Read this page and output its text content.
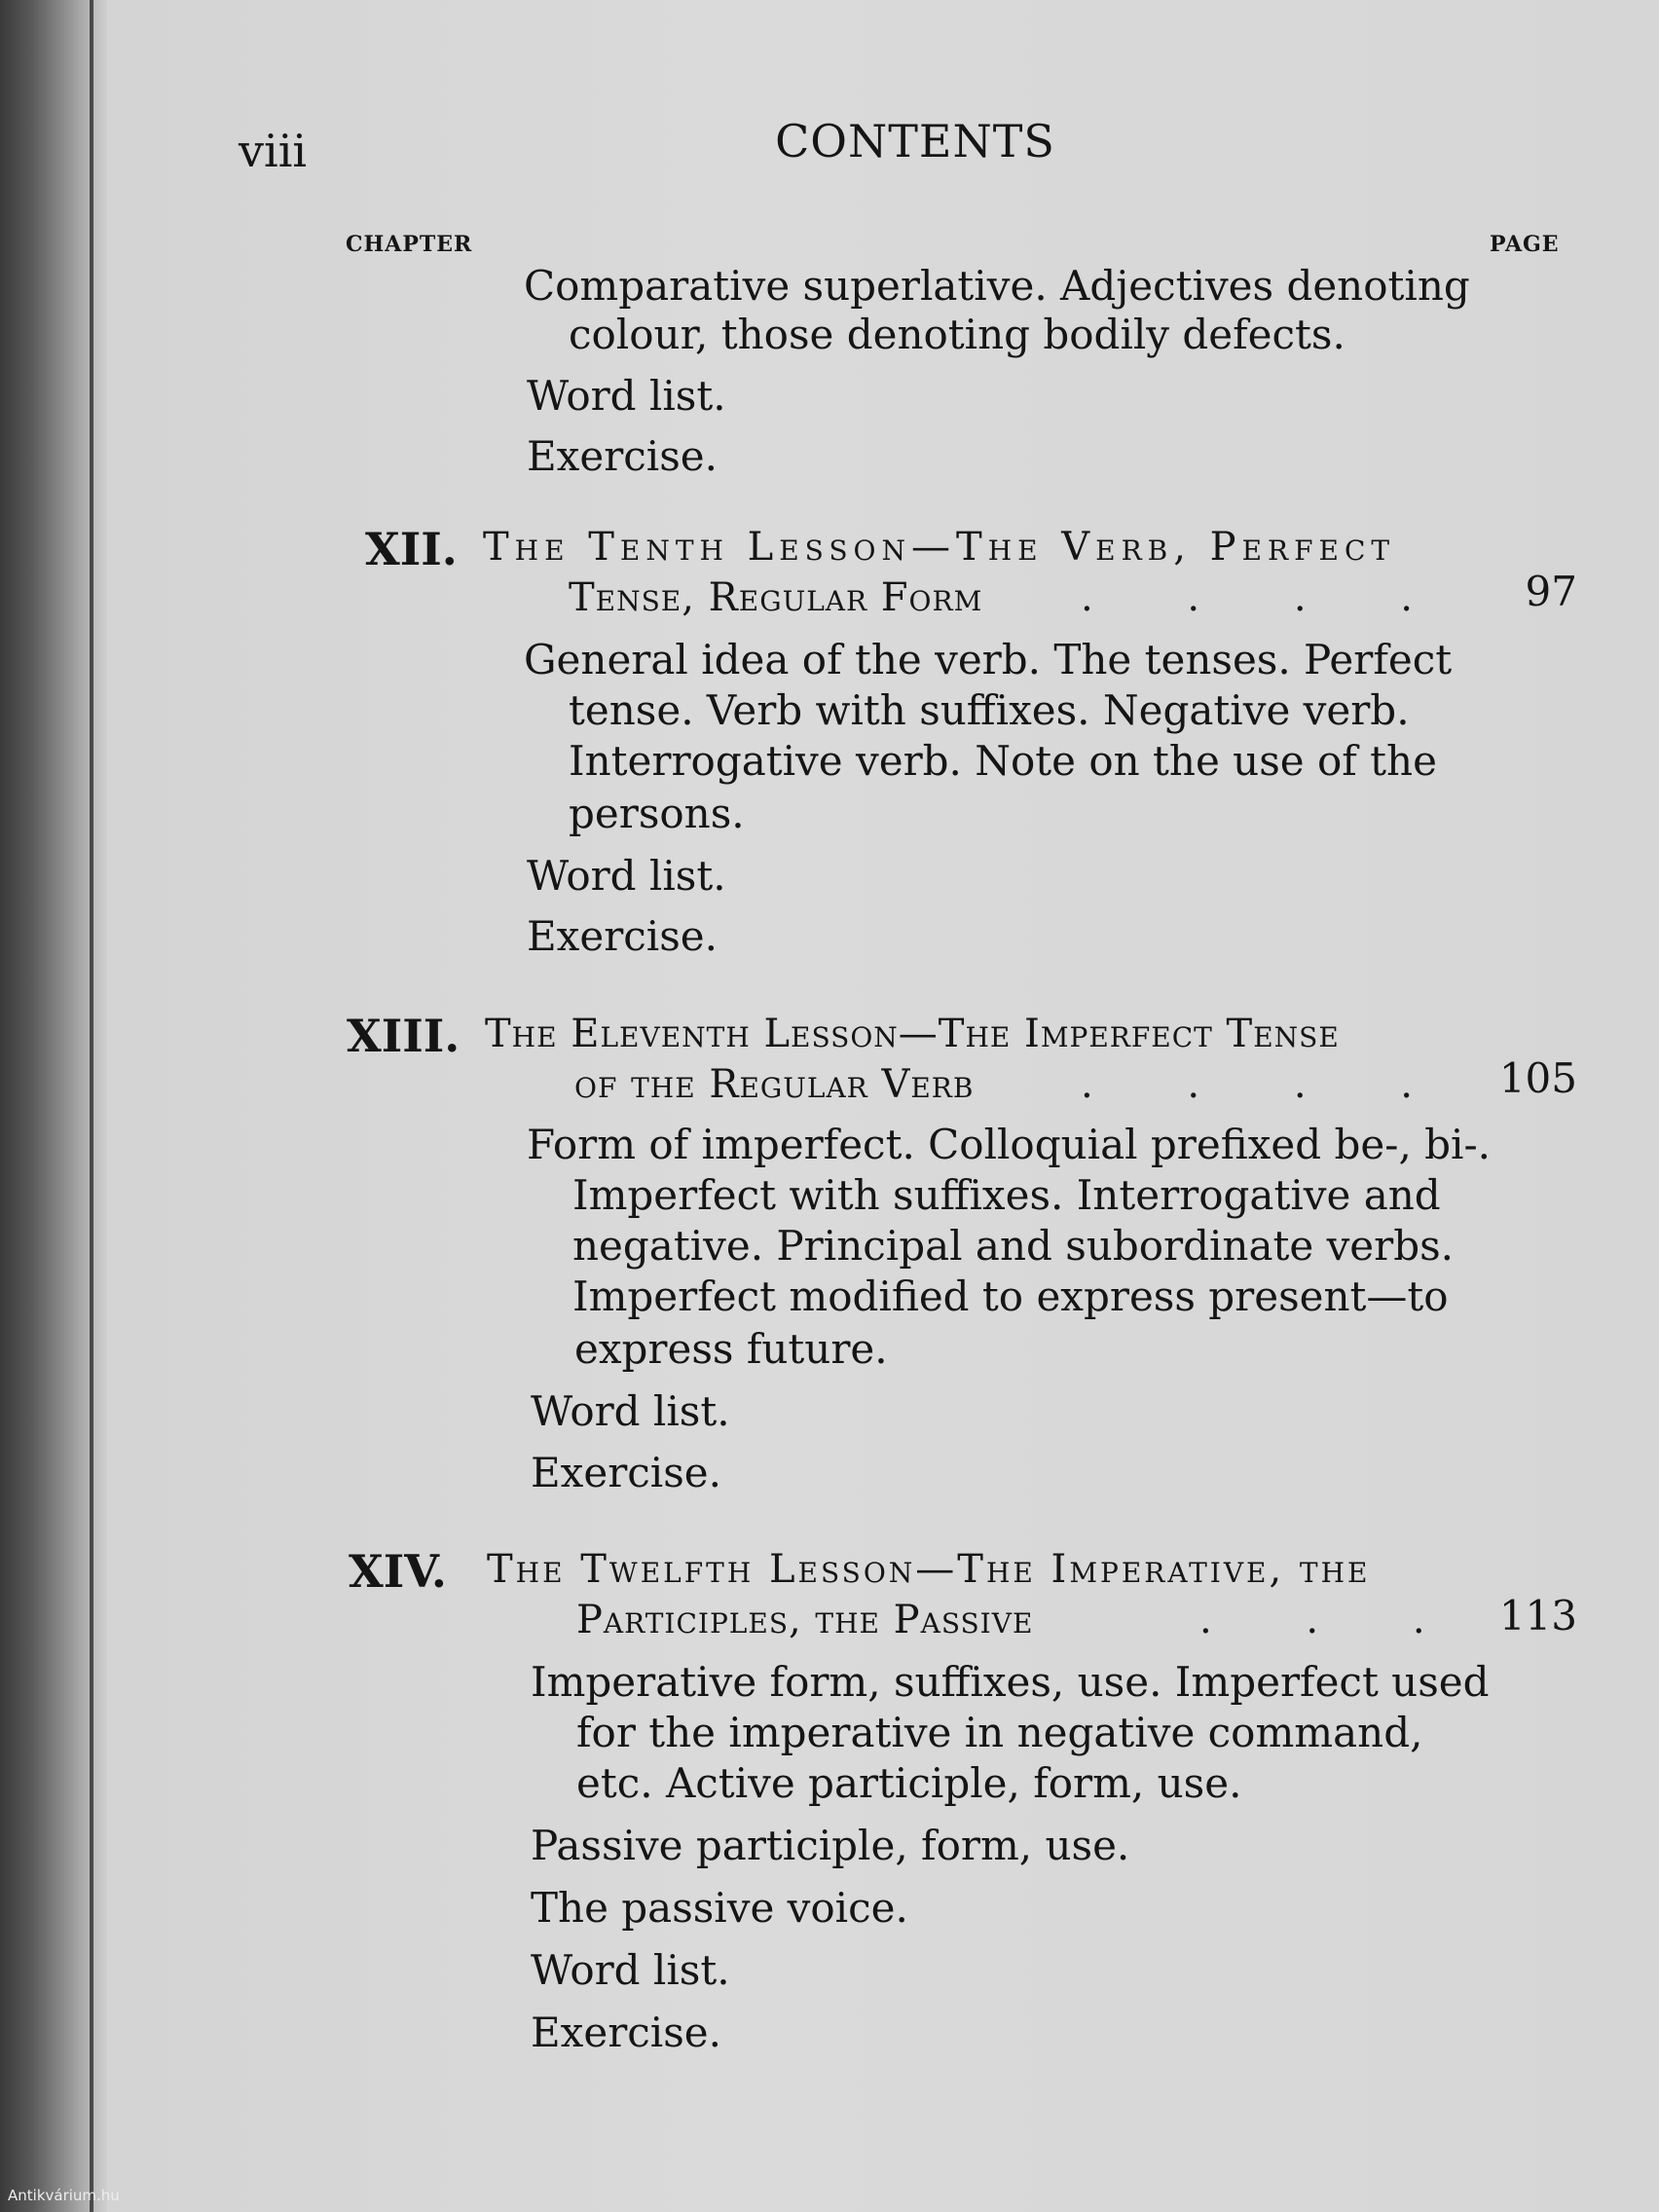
viii	CONTENTS
CHAPTER	PAGE
Comparative superlative. Adjectives denoting
colour, those denoting bodily defects.
Word list.
Exercise.
XII. The Tenth Lesson—The Verb, Perfect
Tense, Regular Form	. . . .	97
General idea of the verb. The tenses. Perfect
tense. Verb with suffixes. Negative verb.
Interrogative verb. Note on the use of the
persons.
Word list.
Exercise.
XIII. The Eleventh Lesson—The Imperfect Tense
of the Regular Verb	. . . . 105
Form of imperfect. Colloquial prefixed be-, bi-.
Imperfect with suffixes. Interrogative and
negative. Principal and subordinate verbs.
Imperfect modified to express present—to
express future.
Word list.
Exercise.
XIV. The Twelfth Lesson—The Imperative, the
Participles, the Passive	. . . 113
Imperative form, suffixes, use. Imperfect used
for the imperative in negative command,
etc. Active participle, form, use.
Passive participle, form, use.
The passive voice.
Word list.
Exercise.
Antikvárium.hu
